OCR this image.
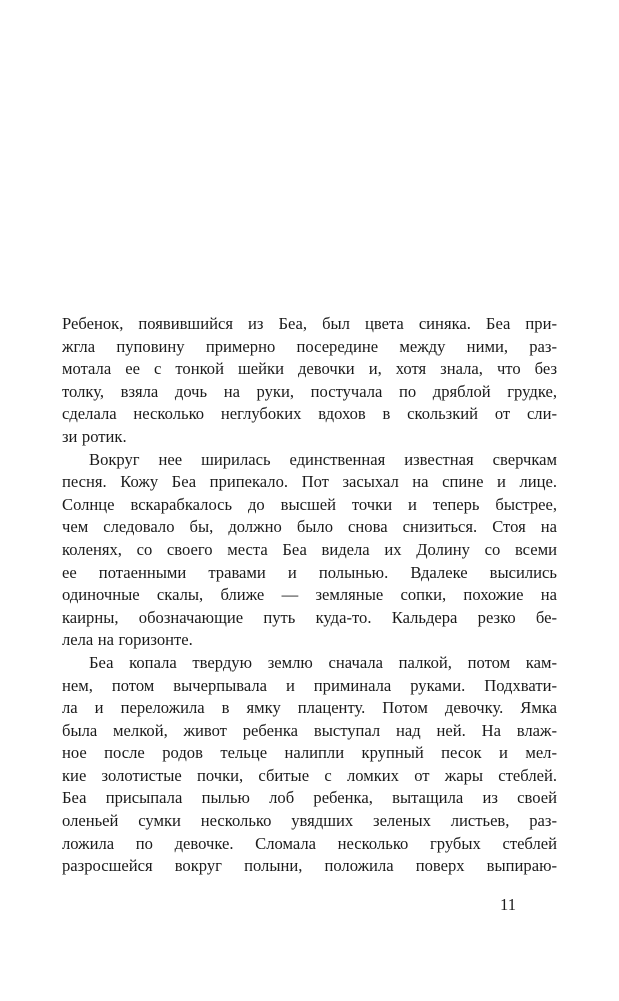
Ребенок, появившийся из Беа, был цвета синяка. Беа при-
жгла пуповину примерно посередине между ними, раз-
мотала ее с тонкой шейки девочки и, хотя знала, что без
толку, взяла дочь на руки, постучала по дряблой грудке,
сделала несколько неглубоких вдохов в скользкий от сли-
зи ротик.
Вокруг нее ширилась единственная известная сверчкам
песня. Кожу Беа припекало. Пот засыхал на спине и лице.
Солнце вскарабкалось до высшей точки и теперь быстрее,
чем следовало бы, должно было снова снизиться. Стоя на
коленях, со своего места Беа видела их Долину со всеми
ее потаенными травами и полынью. Вдалеке высились
одиночные скалы, ближе — земляные сопки, похожие на
каирны, обозначающие путь куда-то. Кальдера резко бе-
лела на горизонте.
Беа копала твердую землю сначала палкой, потом кам-
нем, потом вычерпывала и приминала руками. Подхвати-
ла и переложила в ямку плаценту. Потом девочку. Ямка
была мелкой, живот ребенка выступал над ней. На влаж-
ное после родов тельце налипли крупный песок и мел-
кие золотистые почки, сбитые с ломких от жары стеблей.
Беа присыпала пылью лоб ребенка, вытащила из своей
оленьей сумки несколько увядших зеленых листьев, раз-
ложила по девочке. Сломала несколько грубых стеблей
разросшейся вокруг полыни, положила поверх выпираю-
11
